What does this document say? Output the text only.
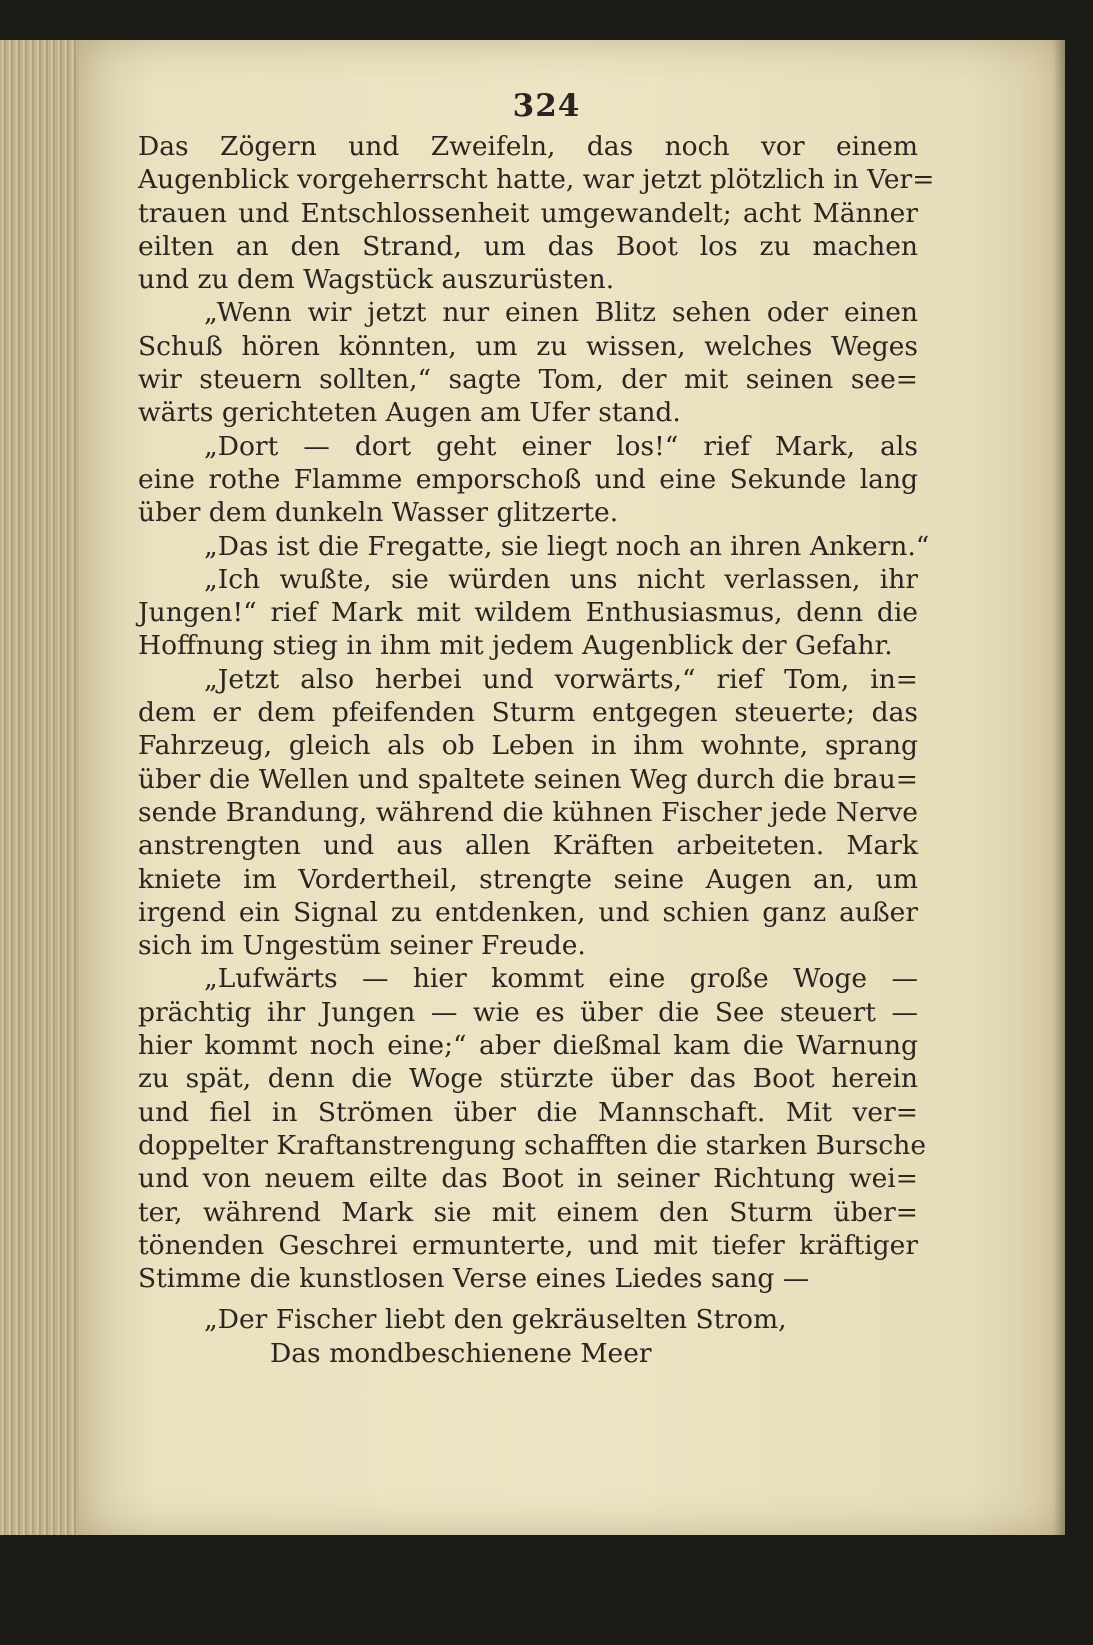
324
Das Zögern und Zweifeln, das noch vor einem
Augenblick vorgeherrscht hatte, war jetzt plötzlich in Ver=
trauen und Entschlossenheit umgewandelt; acht Männer
eilten an den Strand, um das Boot los zu machen
und zu dem Wagstück auszurüsten.
„Wenn wir jetzt nur einen Blitz sehen oder einen
Schuß hören könnten, um zu wissen, welches Weges
wir steuern sollten,“ sagte Tom, der mit seinen see=
wärts gerichteten Augen am Ufer stand.
„Dort — dort geht einer los!“ rief Mark, als
eine rothe Flamme emporschoß und eine Sekunde lang
über dem dunkeln Wasser glitzerte.
„Das ist die Fregatte, sie liegt noch an ihren Ankern.“
„Ich wußte, sie würden uns nicht verlassen, ihr
Jungen!“ rief Mark mit wildem Enthusiasmus, denn die
Hoffnung stieg in ihm mit jedem Augenblick der Gefahr.
„Jetzt also herbei und vorwärts,“ rief Tom, in=
dem er dem pfeifenden Sturm entgegen steuerte; das
Fahrzeug, gleich als ob Leben in ihm wohnte, sprang
über die Wellen und spaltete seinen Weg durch die brau=
sende Brandung, während die kühnen Fischer jede Nerve
anstrengten und aus allen Kräften arbeiteten. Mark
kniete im Vordertheil, strengte seine Augen an, um
irgend ein Signal zu entdenken, und schien ganz außer
sich im Ungestüm seiner Freude.
„Lufwärts — hier kommt eine große Woge —
prächtig ihr Jungen — wie es über die See steuert —
hier kommt noch eine;“ aber dießmal kam die Warnung
zu spät, denn die Woge stürzte über das Boot herein
und fiel in Strömen über die Mannschaft. Mit ver=
doppelter Kraftanstrengung schafften die starken Bursche
und von neuem eilte das Boot in seiner Richtung wei=
ter, während Mark sie mit einem den Sturm über=
tönenden Geschrei ermunterte, und mit tiefer kräftiger
Stimme die kunstlosen Verse eines Liedes sang —
„Der Fischer liebt den gekräuselten Strom,
Das mondbeschienene Meer
